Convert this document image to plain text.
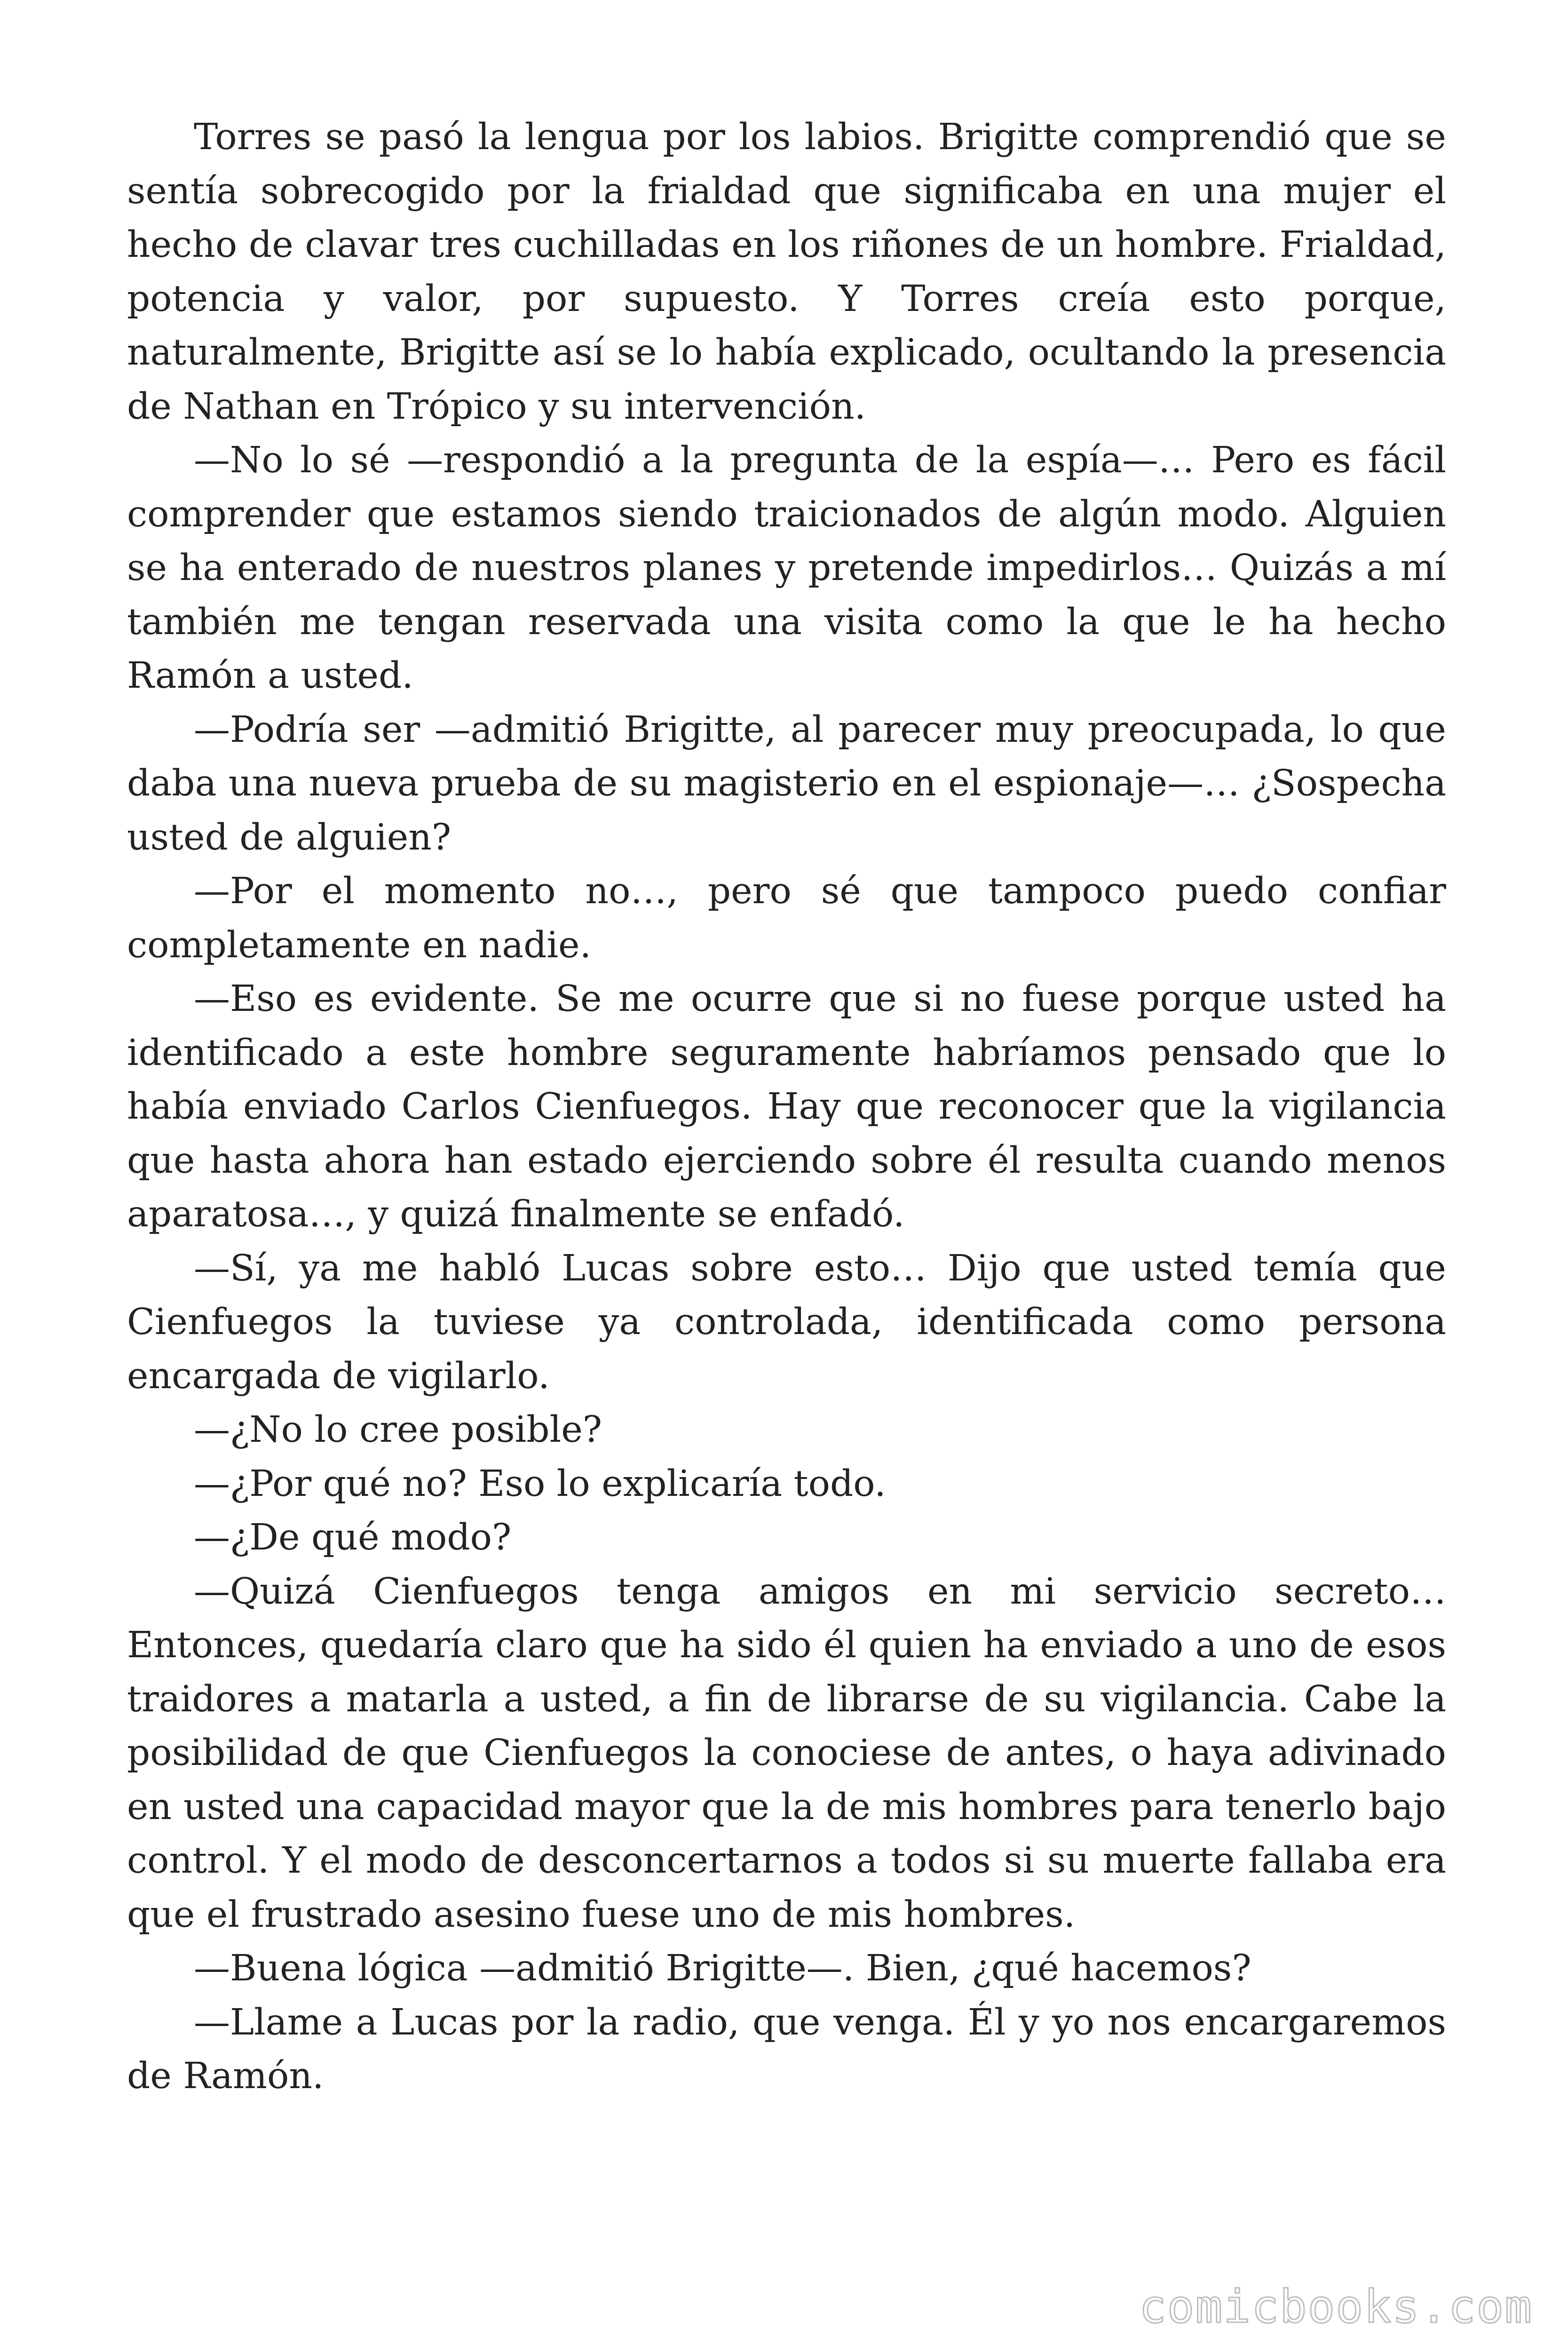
Torres se pasó la lengua por los labios. Brigitte comprendió que se sentía sobrecogido por la frialdad que significaba en una mujer el hecho de clavar tres cuchilladas en los riñones de un hombre. Frialdad, potencia y valor, por supuesto. Y Torres creía esto porque, naturalmente, Brigitte así se lo había explicado, ocultando la presencia de Nathan en Trópico y su intervención.

—No lo sé —respondió a la pregunta de la espía—… Pero es fácil comprender que estamos siendo traicionados de algún modo. Alguien se ha enterado de nuestros planes y pretende impedirlos… Quizás a mí también me tengan reservada una visita como la que le ha hecho Ramón a usted.

—Podría ser —admitió Brigitte, al parecer muy preocupada, lo que daba una nueva prueba de su magisterio en el espionaje—… ¿Sospecha usted de alguien?

—Por el momento no…, pero sé que tampoco puedo confiar completamente en nadie.

—Eso es evidente. Se me ocurre que si no fuese porque usted ha identificado a este hombre seguramente habríamos pensado que lo había enviado Carlos Cienfuegos. Hay que reconocer que la vigilancia que hasta ahora han estado ejerciendo sobre él resulta cuando menos aparatosa…, y quizá finalmente se enfadó.

—Sí, ya me habló Lucas sobre esto… Dijo que usted temía que Cienfuegos la tuviese ya controlada, identificada como persona encargada de vigilarlo.

—¿No lo cree posible?

—¿Por qué no? Eso lo explicaría todo.

—¿De qué modo?

—Quizá Cienfuegos tenga amigos en mi servicio secreto… Entonces, quedaría claro que ha sido él quien ha enviado a uno de esos traidores a matarla a usted, a fin de librarse de su vigilancia. Cabe la posibilidad de que Cienfuegos la conociese de antes, o haya adivinado en usted una capacidad mayor que la de mis hombres para tenerlo bajo control. Y el modo de desconcertarnos a todos si su muerte fallaba era que el frustrado asesino fuese uno de mis hombres.

—Buena lógica —admitió Brigitte—. Bien, ¿qué hacemos?

—Llame a Lucas por la radio, que venga. Él y yo nos encargaremos de Ramón.

comicbooks.com
